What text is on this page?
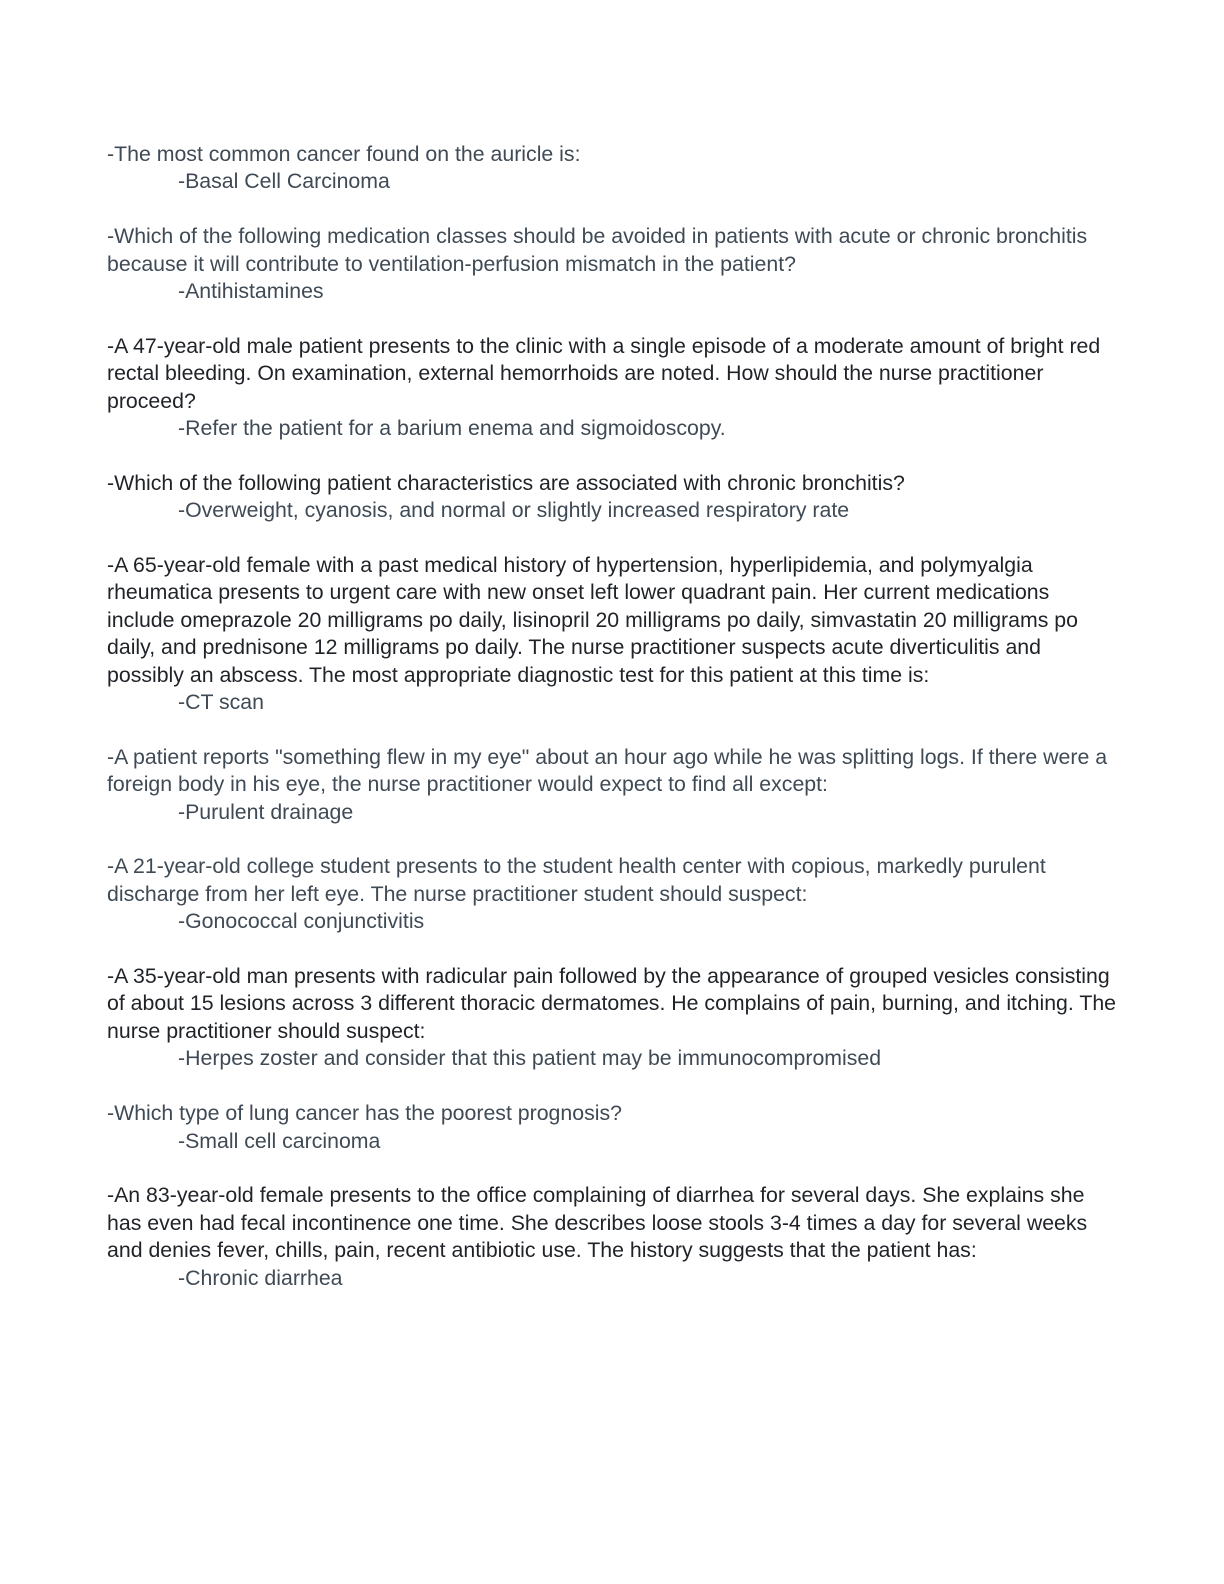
-The most common cancer found on the auricle is:

-Basal Cell Carcinoma

-Which of the following medication classes should be avoided in patients with acute or chronic bronchitis because it will contribute to ventilation-perfusion mismatch in the patient?

-Antihistamines

-A 47-year-old male patient presents to the clinic with a single episode of a moderate amount of bright red rectal bleeding. On examination, external hemorrhoids are noted. How should the nurse practitioner proceed?

-Refer the patient for a barium enema and sigmoidoscopy.

-Which of the following patient characteristics are associated with chronic bronchitis?

-Overweight, cyanosis, and normal or slightly increased respiratory rate

-A 65-year-old female with a past medical history of hypertension, hyperlipidemia, and polymyalgia rheumatica presents to urgent care with new onset left lower quadrant pain. Her current medications include omeprazole 20 milligrams po daily, lisinopril 20 milligrams po daily, simvastatin 20 milligrams po daily, and prednisone 12 milligrams po daily. The nurse practitioner suspects acute diverticulitis and possibly an abscess. The most appropriate diagnostic test for this patient at this time is:

-CT scan

-A patient reports "something flew in my eye" about an hour ago while he was splitting logs. If there were a foreign body in his eye, the nurse practitioner would expect to find all except:

-Purulent drainage

-A 21-year-old college student presents to the student health center with copious, markedly purulent discharge from her left eye. The nurse practitioner student should suspect:

-Gonococcal conjunctivitis

-A 35-year-old man presents with radicular pain followed by the appearance of grouped vesicles consisting of about 15 lesions across 3 different thoracic dermatomes. He complains of pain, burning, and itching. The nurse practitioner should suspect:

-Herpes zoster and consider that this patient may be immunocompromised

-Which type of lung cancer has the poorest prognosis?

-Small cell carcinoma

-An 83-year-old female presents to the office complaining of diarrhea for several days. She explains she has even had fecal incontinence one time. She describes loose stools 3-4 times a day for several weeks and denies fever, chills, pain, recent antibiotic use. The history suggests that the patient has:

-Chronic diarrhea
